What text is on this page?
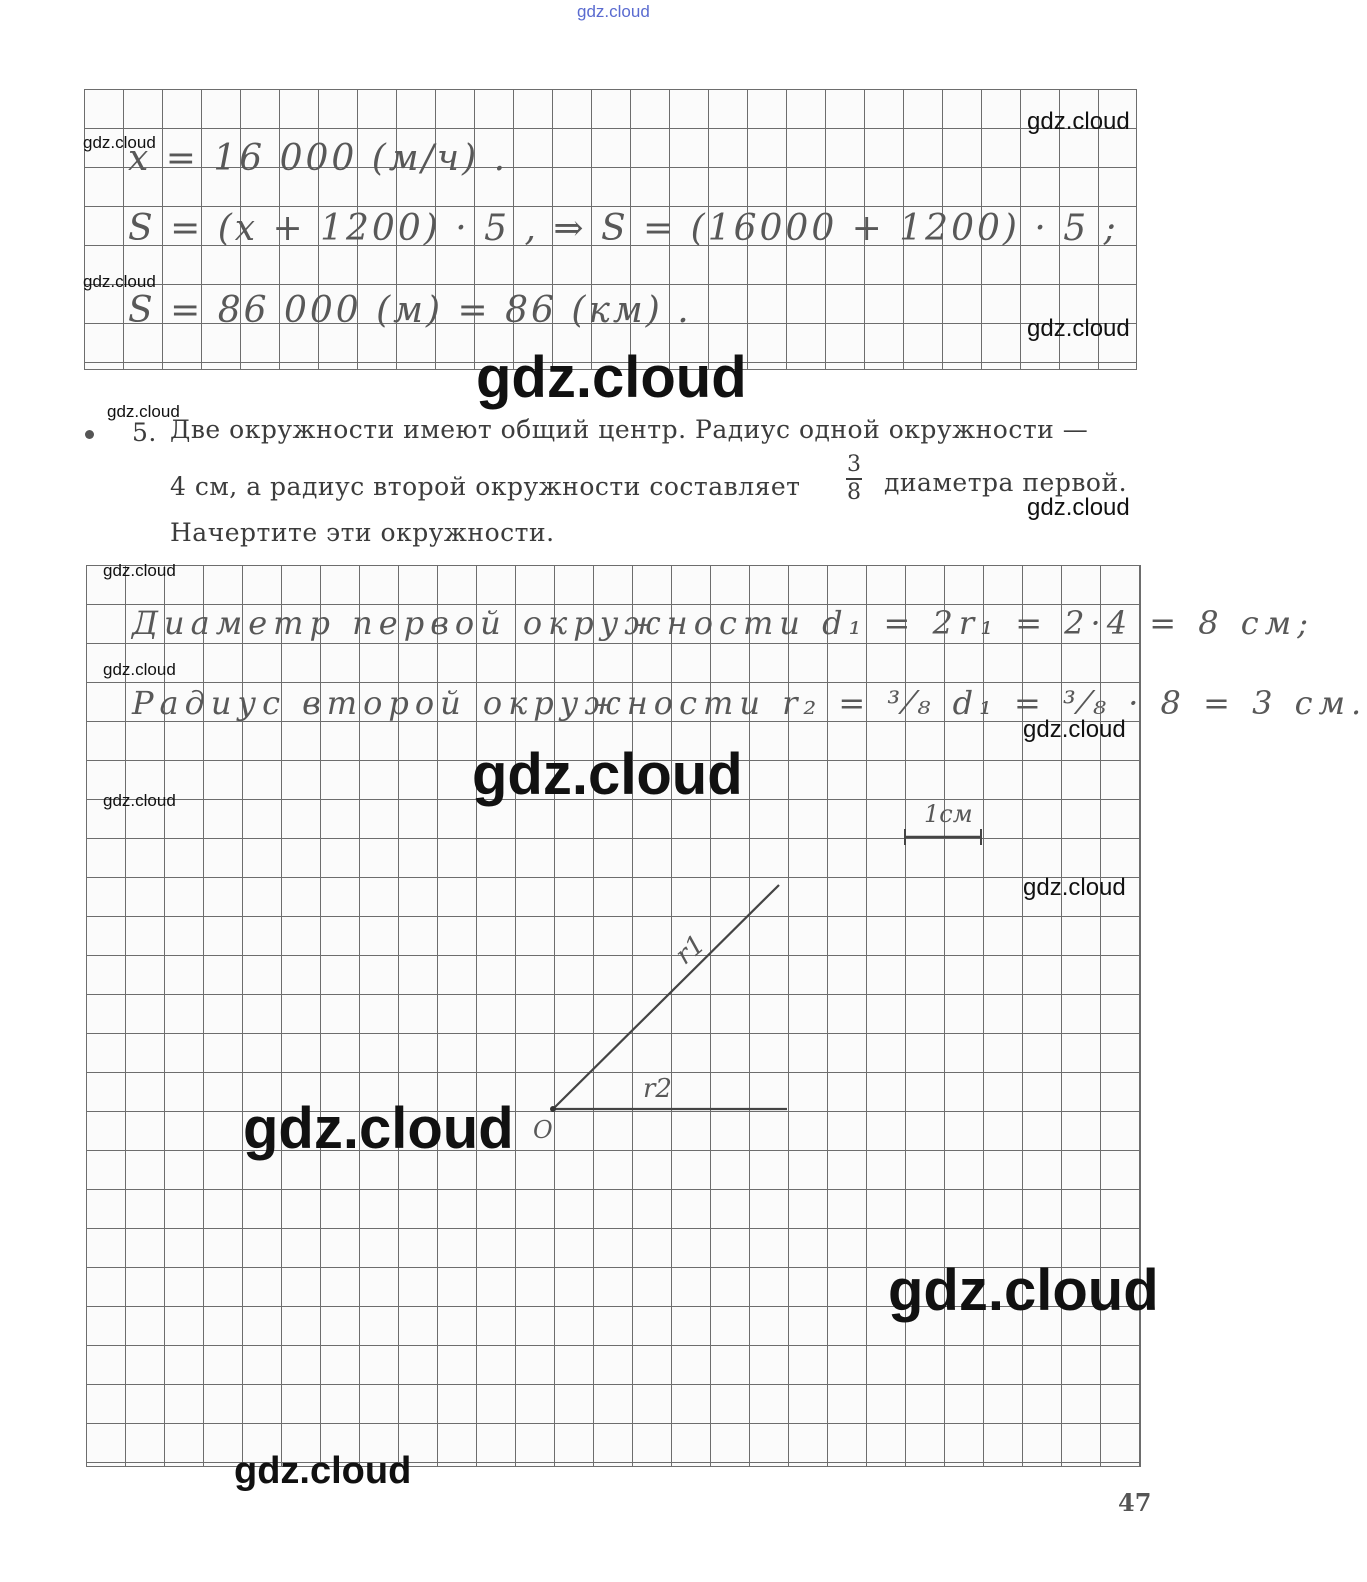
gdz.cloud
x = 16 000 (м/ч) .
S = (x + 1200) · 5 , ⇒ S = (16000 + 1200) · 5 ;
S = 86 000 (м) = 86 (км) .
5. Две окружности имеют общий центр. Радиус одной окружности —
4 см, а радиус второй окружности составляет
3
8 диаметра первой.
Начертите эти окружности.
Диаметр первой окружности d₁ = 2r₁ = 2·4 = 8 см;
Радиус второй окружности r₂ = ³⁄₈ d₁ = ³⁄₈ · 8 = 3 см.
1см
r1
r2
O
gdz.cloud
gdz.cloud
gdz.cloud
gdz.cloud
gdz.cloud
gdz.cloud
gdz.cloud
gdz.cloud
gdz.cloud
gdz.cloud
gdz.cloud
gdz.cloud
gdz.cloud
gdz.cloud
gdz.cloud
gdz.cloud
47
